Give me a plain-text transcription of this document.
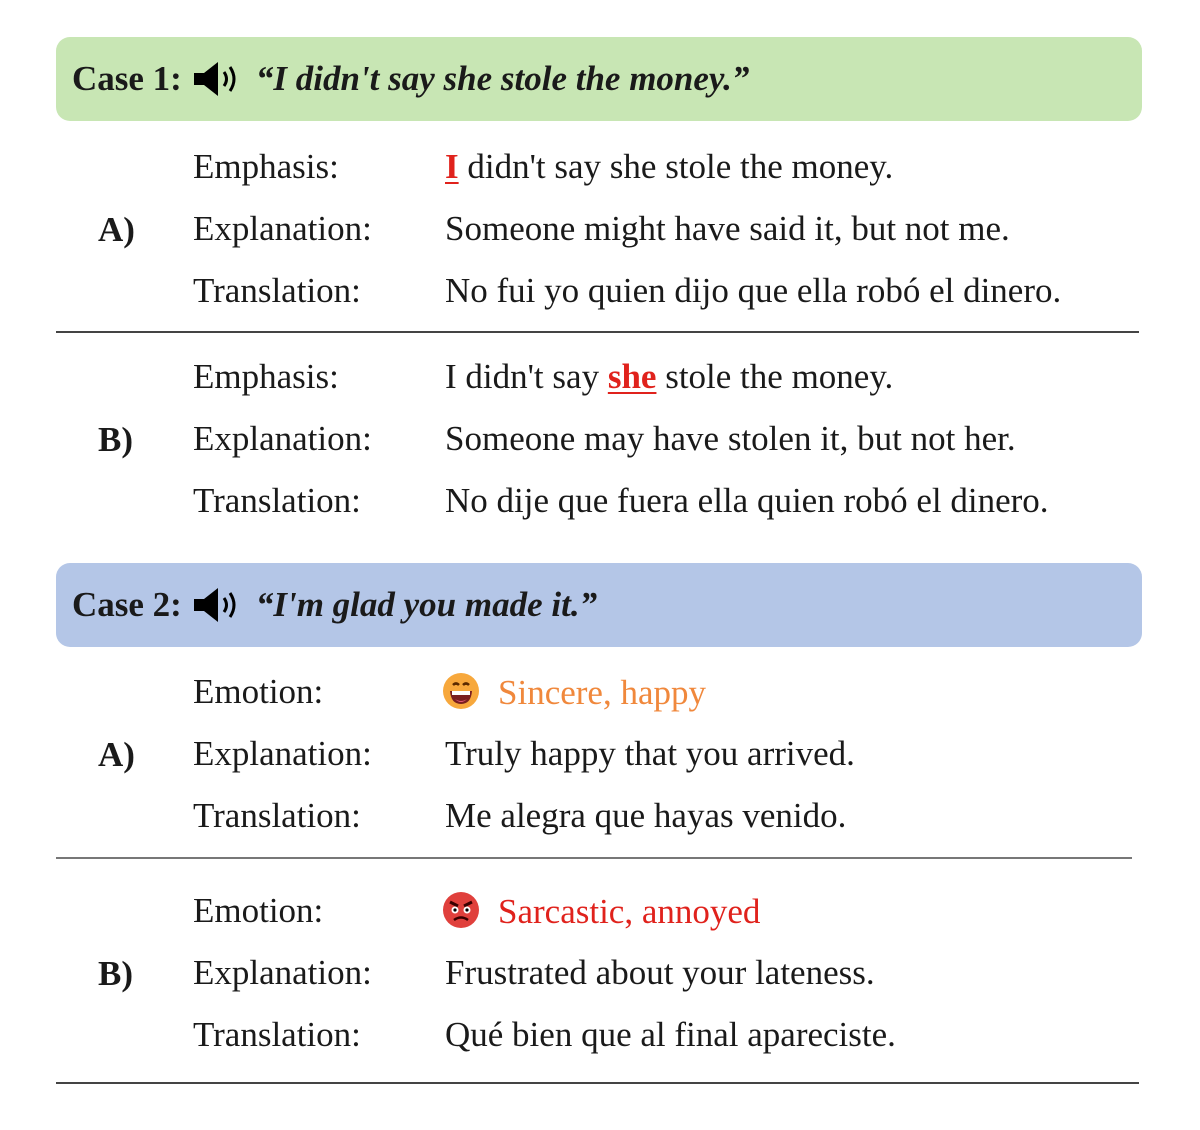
Case 1: “I didn't say she stole the money.”
A)
Emphasis:	I didn't say she stole the money.
Explanation: Someone might have said it, but not me.
Translation: No fui yo quien dijo que ella robó el dinero.
B)
Emphasis:	I didn't say she stole the money.
Explanation: Someone may have stolen it, but not her.
Translation: No dije que fuera ella quien robó el dinero.
Case 2: “I'm glad you made it.”
A)
Emotion:	Sincere, happy
Explanation: Truly happy that you arrived.
Translation: Me alegra que hayas venido.
B)
Emotion:	Sarcastic, annoyed
Explanation: Frustrated about your lateness.
Translation: Qué bien que al final apareciste.
